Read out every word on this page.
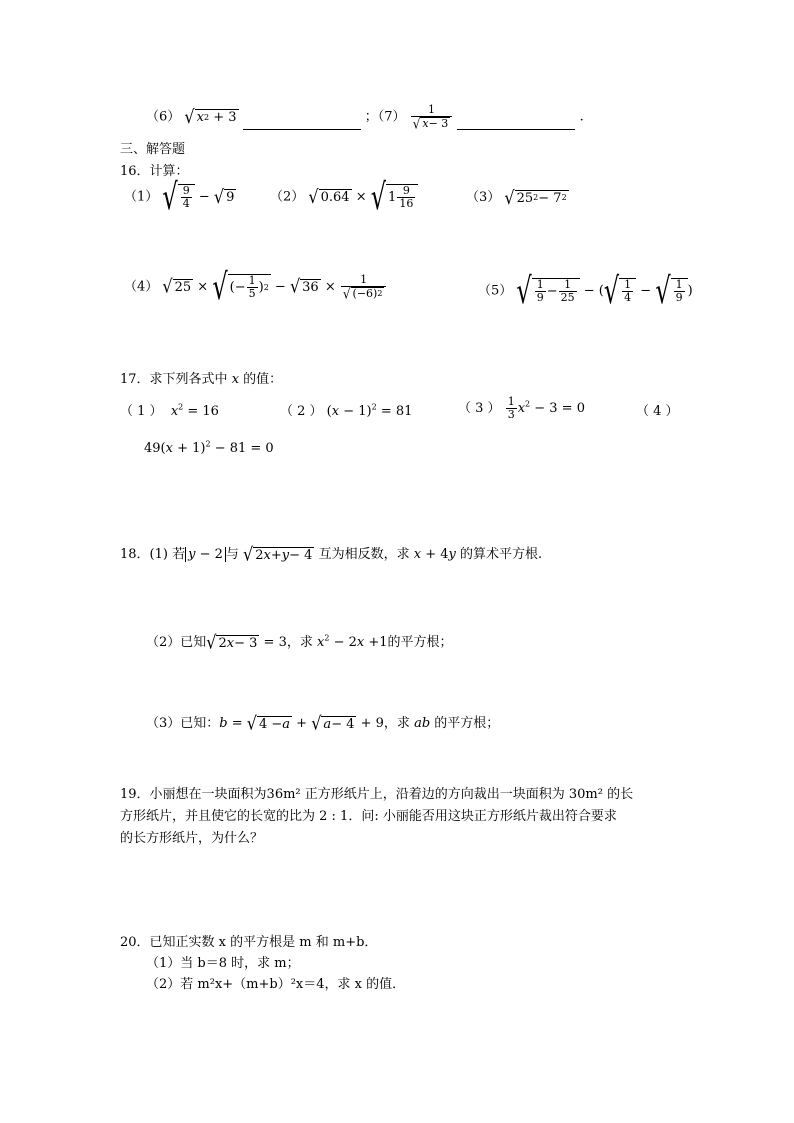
（6） √ x 2 + 3	；$(7) \frac{1}{√ x - 3}$	.
三、解答题
16．计算：
（1） √ $\frac{9}{4}$ − √ 9	（2） √ 0.64 × √ $1 \frac{9}{16}$	（3） √ 25 2 − 7 2
（4） √ 25 × √ (− $\frac{1}{5}$ ) 2 − √ $36 \times \frac{1}{√ (-6) 2}$	（5） √ $\frac{1}{9} - \frac{1}{25}$ − ( √ $\frac{1}{4}$ − √ $\frac{1}{9}$ )
17．求下列各式中 x 的值：
（ 1 ） $x^2 = 16$	（ 2 ） $(x - 1)^2 = 81$	（ 3 ） $\frac{1}{3} x^2 - 3 = 0$	（ 4 ）
$49(x + 1)^2 - 81 = 0$
18．(1) 若 y − 2 与 √ 2 x + y − 4 互为相反数，求 x + 4y 的算术平方根.
（2）已知 √ 2 x − 3 = 3，求 $x^2 - 2x +1$的平方根；
（3）已知：b = √ 4 − a + √ a − 4 + 9，求 ab 的平方根；
19．小丽想在一块面积为36m² 正方形纸片上，沿着边的方向裁出一块面积为 30m² 的长
方形纸片，并且使它的长宽的比为 2 : 1．问: 小丽能否用这块正方形纸片裁出符合要求
的长方形纸片，为什么？
20．已知正实数 x 的平方根是 m 和 m+b．
（1）当 b＝8 时，求 m；
（2）若 m²x+（m+b）²x＝4，求 x 的值．
